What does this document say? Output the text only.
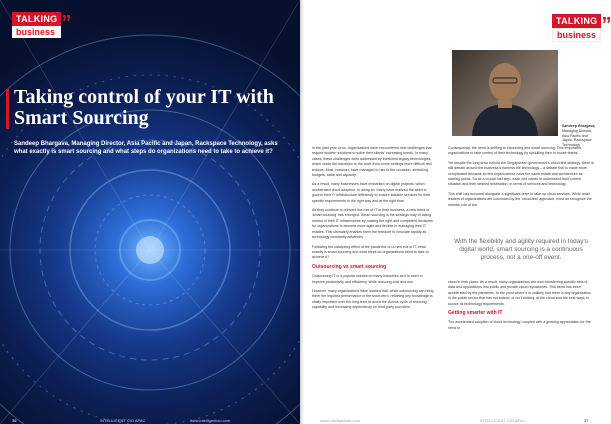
TALKING
business ”
Taking control of your IT with Smart Sourcing

Sandeep Bhargava, Managing Director, Asia Pacific and Japan, Rackspace Technology, asks what exactly is smart sourcing and what steps do organizations need to take to achieve it?

36	INTELLIGENT CIO APAC	www.intelligentcio.com
TALKING
business ”
Sandeep Bhargava,
Managing Director, Asia Pacific and Japan, Rackspace Technology

In the past year or so, organizations have encountered new challenges that require modern solutions to solve their clients' increasing needs. In many cases, these challenges were addressed by inefficient legacy technologies, which made the transition to the work-from-home settings more difficult and tedious. Most, however, have managed to rise to the occasion, stretching budgets, skills and capacity.

As a result, many businesses have embarked on digital projects, which accelerated cloud adoption. In doing so, many have realized the need to govern their IT infrastructure differently to ensure suitable services for their specific requirements in the right way and at the right time.

As they continue to reinvent the role of IT in their business, a new trend of 'smart sourcing' has emerged. Smart sourcing is the strategic way of taking control of their IT infrastructure by making the right and competent decisions for organizations to become more agile and flexible in managing their IT estates. This ultimately enables them the freedom to innovate rapidly as technology constantly advances.

Following the catalyzing effect of the pandemic on a new era of IT, what exactly is smart sourcing and what steps do organizations need to take to achieve it?

Outsourcing vs smart sourcing

Outsourcing IT is a popular solution to many industries as it is seen to improve productivity and efficiency, while reducing cost and risk.

However, many organizations have learned that, while outsourcing can bring them the required performance in the short-term, retaining key knowledge is vitally important over the long-term to avoid the vicious cycle of reducing capability and increasing dependency on third-party providers.

Consequently, the trend is shifting to insourcing and smart sourcing. This empowers organizations to take control of their technology by upskilling their in-house teams.

Yet despite the long drive behind the Singaporean government's cloud-first strategy, there is still debate around the business's harness the technology – a debate that is made more complicated because so few organizations have the same estate and architecture as starting points. So as a crucial first step, each one needs to understand their current situation and their desired destination, in terms of services and technology.

This shift has occurred alongside a significant drive to take up cloud services. While retail leaders of organizations are convinced by the 'cloud-first' approach, most do recognize the intrinsic role of the

With the flexibility and agility required in today's digital world, smart sourcing is a continuous process, not a one-off event.

cloud in their plans. As a result, many organizations are now transferring specific sets of data and applications into public and private cloud repositories. This trend has been accelerated by the pandemic, to the point where it is unlikely that there is any organization in the public sector that has not looked, or isn't looking, at the cloud and the best ways to source its technology requirements.

Getting smarter with IT

The accelerated adoption of cloud technology, coupled with a growing appreciation for the need to

www.intelligentcio.com	INTELLIGENT CIO APAC	37
